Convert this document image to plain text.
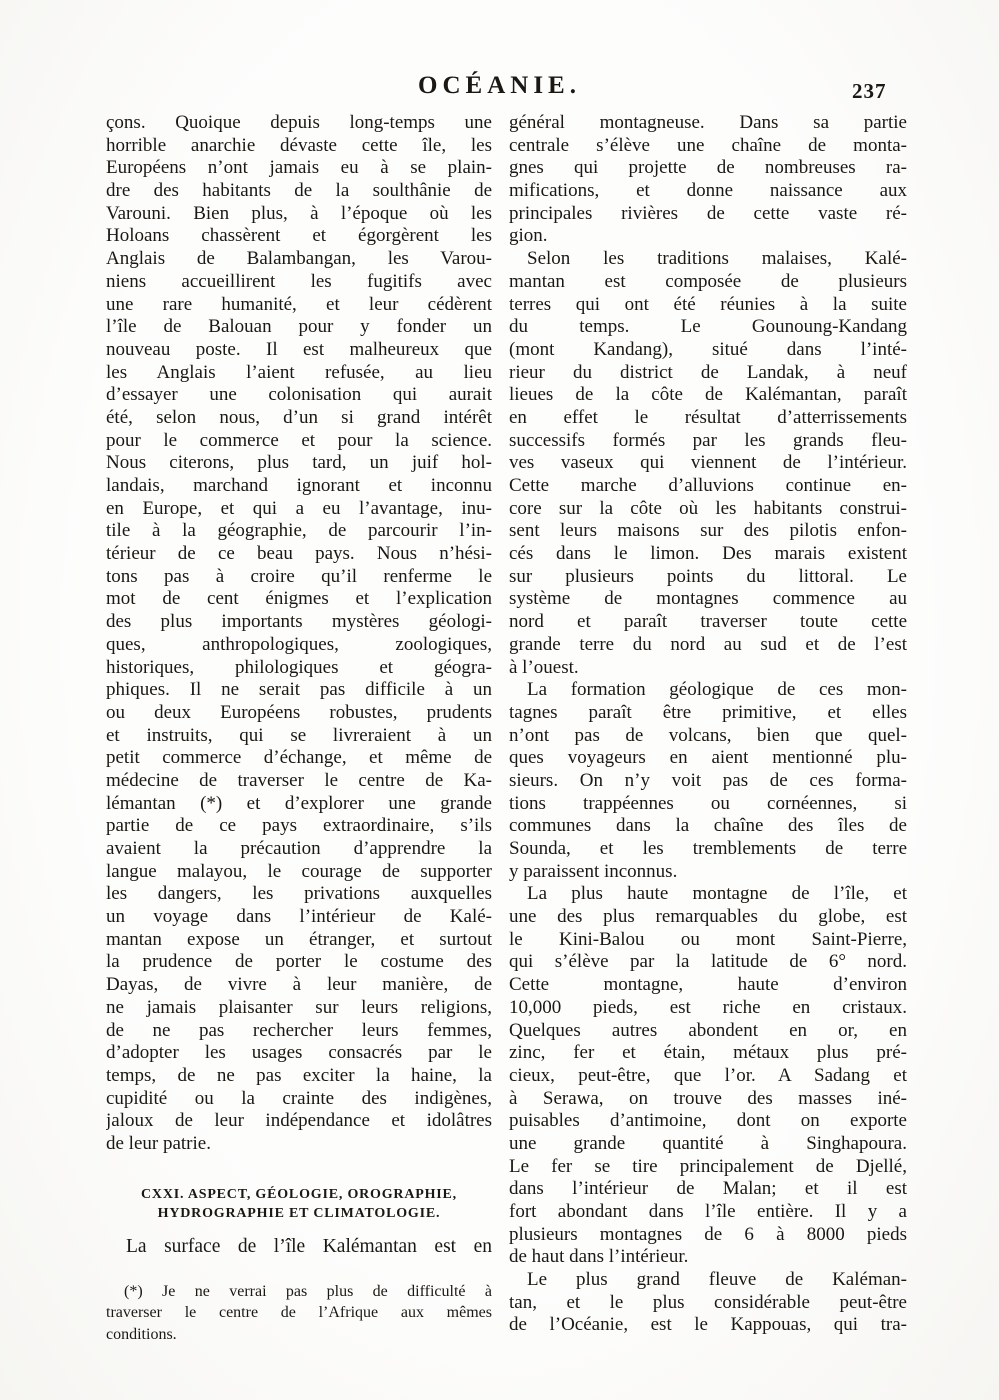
OCÉANIE.	237
çons. Quoique depuis long-temps une
horrible anarchie dévaste cette île, les
Européens n’ont jamais eu à se plain-
dre des habitants de la soulthânie de
Varouni. Bien plus, à l’époque où les
Holoans chassèrent et égorgèrent les
Anglais de Balambangan, les Varou-
niens accueillirent les fugitifs avec
une rare humanité, et leur cédèrent
l’île de Balouan pour y fonder un
nouveau poste. Il est malheureux que
les Anglais l’aient refusée, au lieu
d’essayer une colonisation qui aurait
été, selon nous, d’un si grand intérêt
pour le commerce et pour la science.
Nous citerons, plus tard, un juif hol-
landais, marchand ignorant et inconnu
en Europe, et qui a eu l’avantage, inu-
tile à la géographie, de parcourir l’in-
térieur de ce beau pays. Nous n’hési-
tons pas à croire qu’il renferme le
mot de cent énigmes et l’explication
des plus importants mystères géologi-
ques, anthropologiques, zoologiques,
historiques, philologiques et géogra-
phiques. Il ne serait pas difficile à un
ou deux Européens robustes, prudents
et instruits, qui se livreraient à un
petit commerce d’échange, et même de
médecine de traverser le centre de Ka-
lémantan (*) et d’explorer une grande
partie de ce pays extraordinaire, s’ils
avaient la précaution d’apprendre la
langue malayou, le courage de supporter
les dangers, les privations auxquelles
un voyage dans l’intérieur de Kalé-
mantan expose un étranger, et surtout
la prudence de porter le costume des
Dayas, de vivre à leur manière, de
ne jamais plaisanter sur leurs religions,
de ne pas rechercher leurs femmes,
d’adopter les usages consacrés par le
temps, de ne pas exciter la haine, la
cupidité ou la crainte des indigènes,
jaloux de leur indépendance et idolâtres
de leur patrie.
CXXI. ASPECT, GÉOLOGIE, OROGRAPHIE,
HYDROGRAPHIE ET CLIMATOLOGIE.
La surface de l’île Kalémantan est en
(*) Je ne verrai pas plus de difficulté à
traverser le centre de l’Afrique aux mêmes
conditions.
général montagneuse. Dans sa partie
centrale s’élève une chaîne de monta-
gnes qui projette de nombreuses ra-
mifications, et donne naissance aux
principales rivières de cette vaste ré-
gion.
Selon les traditions malaises, Kalé-
mantan est composée de plusieurs
terres qui ont été réunies à la suite
du temps. Le Gounoung-Kandang
(mont Kandang), situé dans l’inté-
rieur du district de Landak, à neuf
lieues de la côte de Kalémantan, paraît
en effet le résultat d’atterrissements
successifs formés par les grands fleu-
ves vaseux qui viennent de l’intérieur.
Cette marche d’alluvions continue en-
core sur la côte où les habitants construi-
sent leurs maisons sur des pilotis enfon-
cés dans le limon. Des marais existent
sur plusieurs points du littoral. Le
système de montagnes commence au
nord et paraît traverser toute cette
grande terre du nord au sud et de l’est
à l’ouest.
La formation géologique de ces mon-
tagnes paraît être primitive, et elles
n’ont pas de volcans, bien que quel-
ques voyageurs en aient mentionné plu-
sieurs. On n’y voit pas de ces forma-
tions trappéennes ou cornéennes, si
communes dans la chaîne des îles de
Sounda, et les tremblements de terre
y paraissent inconnus.
La plus haute montagne de l’île, et
une des plus remarquables du globe, est
le Kini-Balou ou mont Saint-Pierre,
qui s’élève par la latitude de 6° nord.
Cette montagne, haute d’environ
10,000 pieds, est riche en cristaux.
Quelques autres abondent en or, en
zinc, fer et étain, métaux plus pré-
cieux, peut-être, que l’or. A Sadang et
à Serawa, on trouve des masses iné-
puisables d’antimoine, dont on exporte
une grande quantité à Singhapoura.
Le fer se tire principalement de Djellé,
dans l’intérieur de Malan; et il est
fort abondant dans l’île entière. Il y a
plusieurs montagnes de 6 à 8000 pieds
de haut dans l’intérieur.
Le plus grand fleuve de Kaléman-
tan, et le plus considérable peut-être
de l’Océanie, est le Kappouas, qui tra-
